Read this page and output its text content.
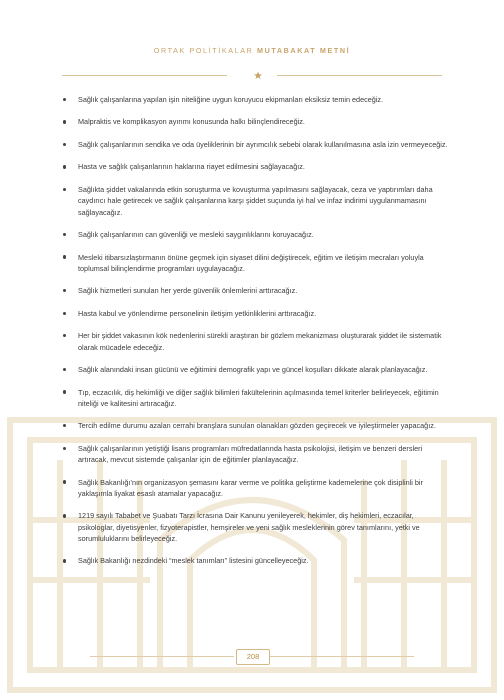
ORTAK POLİTİKALAR MUTABAKAT METNİ
Sağlık çalışanlarına yapılan işin niteliğine uygun koruyucu ekipmanları eksiksiz temin edeceğiz.
Malpraktis ve komplikasyon ayırımı konusunda halkı bilinçlendireceğiz.
Sağlık çalışanlarının sendika ve oda üyeliklerinin bir ayrımcılık sebebi olarak kullanılmasına asla izin vermeyeceğiz.
Hasta ve sağlık çalışanlarının haklarına riayet edilmesini sağlayacağız.
Sağlıkta şiddet vakalarında etkin soruşturma ve kovuşturma yapılmasını sağlayacak, ceza ve yaptırımları daha caydırıcı hale getirecek ve sağlık çalışanlarına karşı şiddet suçunda iyi hal ve infaz indirimi uygulanmamasını sağlayacağız.
Sağlık çalışanlarının can güvenliği ve mesleki saygınlıklarını koruyacağız.
Mesleki itibarsızlaştırmanın önüne geçmek için siyaset dilini değiştirecek, eğitim ve iletişim mecraları yoluyla toplumsal bilinçlendirme programları uygulayacağız.
Sağlık hizmetleri sunulan her yerde güvenlik önlemlerini arttıracağız.
Hasta kabul ve yönlendirme personelinin iletişim yetkinliklerini arttıracağız.
Her bir şiddet vakasının kök nedenlerini sürekli araştıran bir gözlem mekanizması oluşturarak şiddet ile sistematik olarak mücadele edeceğiz.
Sağlık alanındaki insan gücünü ve eğitimini demografik yapı ve güncel koşulları dikkate alarak planlayacağız.
Tıp, eczacılık, diş hekimliği ve diğer sağlık bilimleri fakültelerinin açılmasında temel kriterler belirleyecek, eğitimin niteliği ve kalitesini artıracağız.
Tercih edilme durumu azalan cerrahi branşlara sunulan olanakları gözden geçirecek ve iyileştirmeler yapacağız.
Sağlık çalışanlarının yetiştiği lisans programları müfredatlarında hasta psikolojisi, iletişim ve benzeri dersleri artıracak, mevcut sistemde çalışanlar için de eğitimler planlayacağız.
Sağlık Bakanlığı’nın organizasyon şemasını karar verme ve politika geliştirme kademelerine çok disiplinli bir yaklaşımla liyakat esaslı atamalar yapacağız.
1219 sayılı Tababet ve Şuabatı Tarzı İcrasına Dair Kanunu yenileyerek, hekimler, diş hekimleri, eczacılar, psikologlar, diyetisyenler, fizyoterapistler, hemşireler ve yeni sağlık mesleklerinin görev tanımlarını, yetki ve sorumluluklarını belirleyeceğiz.
Sağlık Bakanlığı nezdindeki “meslek tanımları” listesini güncelleyeceğiz.
208
